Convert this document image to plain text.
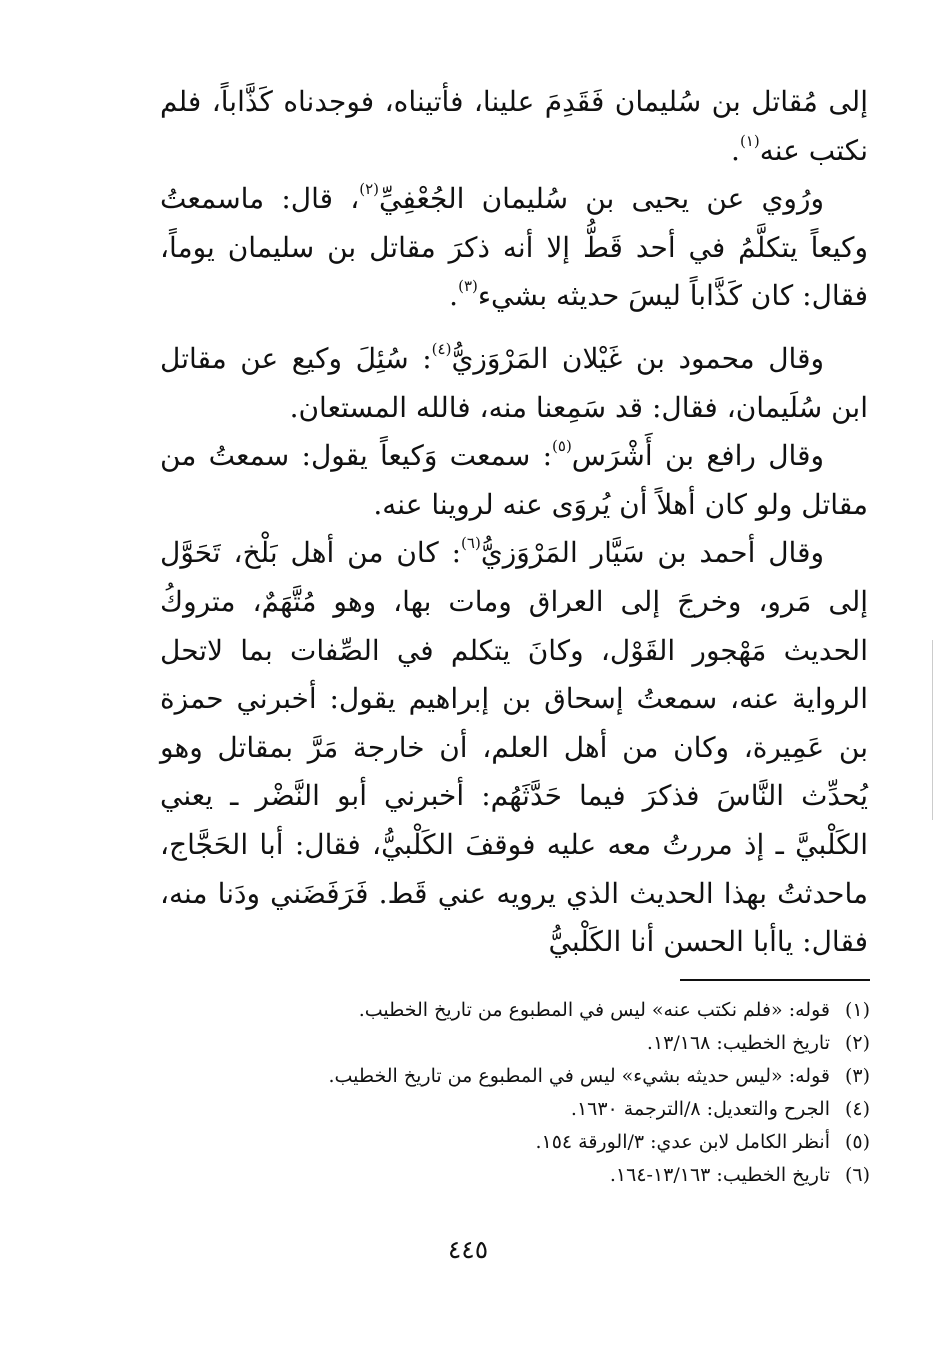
إلى مُقاتل بن سُليمان فَقَدِمَ علينا، فأتيناه، فوجدناه كَذَّاباً، فلم نكتب عنه$^{(١)}$.

ورُوي عن يحيى بن سُليمان الجُعْفِيِّ$^{(٢)}$، قال: ماسمعتُ وكيعاً يتكلَّمُ في أحد قَطُّ إلا أنه ذكرَ مقاتل بن سليمان يوماً، فقال: كان كَذَّاباً ليسَ حديثه بشيء$^{(٣)}$.

وقال محمود بن غَيْلان المَرْوَزيُّ$^{(٤)}$: سُئِلَ وكيع عن مقاتل ابن سُلَيمان، فقال: قد سَمِعنا منه، فالله المستعان.

وقال رافع بن أَشْرَس$^{(٥)}$: سمعت وَكيعاً يقول: سمعتُ من مقاتل ولو كان أهلاً أن يُروَى عنه لروينا عنه.

وقال أحمد بن سَيَّار المَرْوَزيُّ$^{(٦)}$: كان من أهل بَلْخ، تَحَوَّل إلى مَرو، وخرجَ إلى العراق ومات بها، وهو مُتَّهَمٌ، متروكُ الحديث مَهْجور القَوْل، وكانَ يتكلم في الصِّفات بما لاتحل الرواية عنه، سمعتُ إسحاق بن إبراهيم يقول: أخبرني حمزة بن عَمِيرة، وكان من أهل العلم، أن خارجة مَرَّ بمقاتل وهو يُحدِّث النَّاسَ فذكرَ فيما حَدَّثَهُم: أخبرني أبو النَّضْر ـ يعني الكَلْبيَّ ـ إذ مررتُ معه عليه فوقفَ الكَلْبيُّ، فقال: أبا الحَجَّاج، ماحدثتُ بهذا الحديث الذي يرويه عني قَط. فَرَفَضَني ودَنا منه، فقال: ياأبا الحسن أنا الكَلْبيُّ

(١)
قوله: «فلم نكتب عنه» ليس في المطبوع من تاريخ الخطيب.
(٢)
تاريخ الخطيب: ١٣/١٦٨.
(٣)
قوله: «ليس حديثه بشيء» ليس في المطبوع من تاريخ الخطيب.
(٤)
الجرح والتعديل: ٨/الترجمة ١٦٣٠.
(٥)
أنظر الكامل لابن عدي: ٣/الورقة ١٥٤.
(٦)
تاريخ الخطيب: ١٣/١٦٣-١٦٤.
٤٤٥
